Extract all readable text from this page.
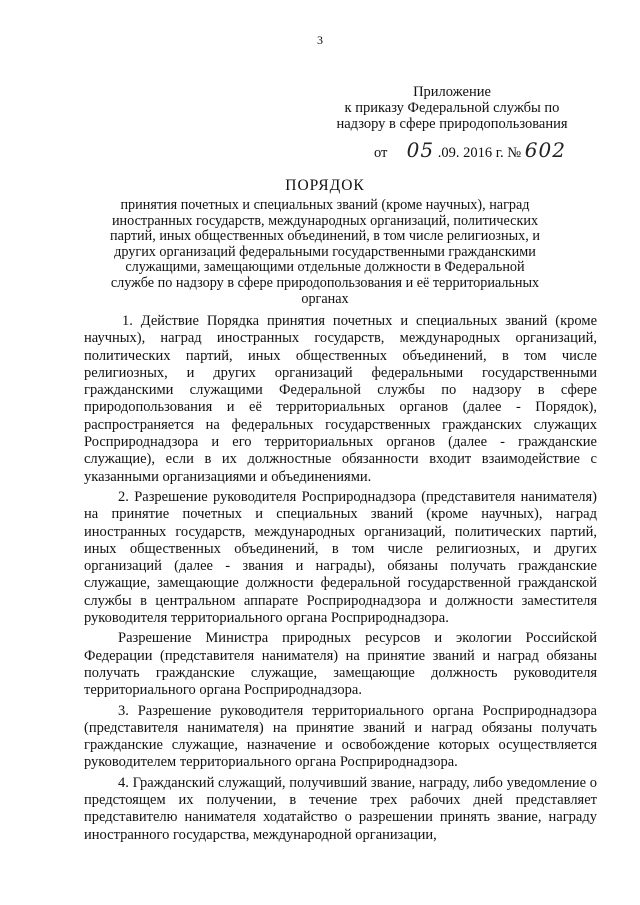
3
Приложение
к приказу Федеральной службы по
надзору в сфере природопользования
от 05 .09. 2016 г. № 602
ПОРЯДОК
принятия почетных и специальных званий (кроме научных), наград иностранных государств, международных организаций, политических партий, иных общественных объединений, в том числе религиозных, и других организаций федеральными государственными гражданскими служащими, замещающими отдельные должности в Федеральной службе по надзору в сфере природопользования и её территориальных органах

1. Действие Порядка принятия почетных и специальных званий (кроме научных), наград иностранных государств, международных организаций, политических партий, иных общественных объединений, в том числе религиозных, и других организаций федеральными государственными гражданскими служащими Федеральной службы по надзору в сфере природопользования и её территориальных органов (далее - Порядок), распространяется на федеральных государственных гражданских служащих Росприроднадзора и его территориальных органов (далее - гражданские служащие), если в их должностные обязанности входит взаимодействие с указанными организациями и объединениями.

2. Разрешение руководителя Росприроднадзора (представителя нанимателя) на принятие почетных и специальных званий (кроме научных), наград иностранных государств, международных организаций, политических партий, иных общественных объединений, в том числе религиозных, и других организаций (далее - звания и награды), обязаны получать гражданские служащие, замещающие должности федеральной государственной гражданской службы в центральном аппарате Росприроднадзора и должности заместителя руководителя территориального органа Росприроднадзора.

Разрешение Министра природных ресурсов и экологии Российской Федерации (представителя нанимателя) на принятие званий и наград обязаны получать гражданские служащие, замещающие должность руководителя территориального органа Росприроднадзора.

3. Разрешение руководителя территориального органа Росприроднадзора (представителя нанимателя) на принятие званий и наград обязаны получать гражданские служащие, назначение и освобождение которых осуществляется руководителем территориального органа Росприроднадзора.

4. Гражданский служащий, получивший звание, награду, либо уведомление о предстоящем их получении, в течение трех рабочих дней представляет представителю нанимателя ходатайство о разрешении принять звание, награду иностранного государства, международной организации,
